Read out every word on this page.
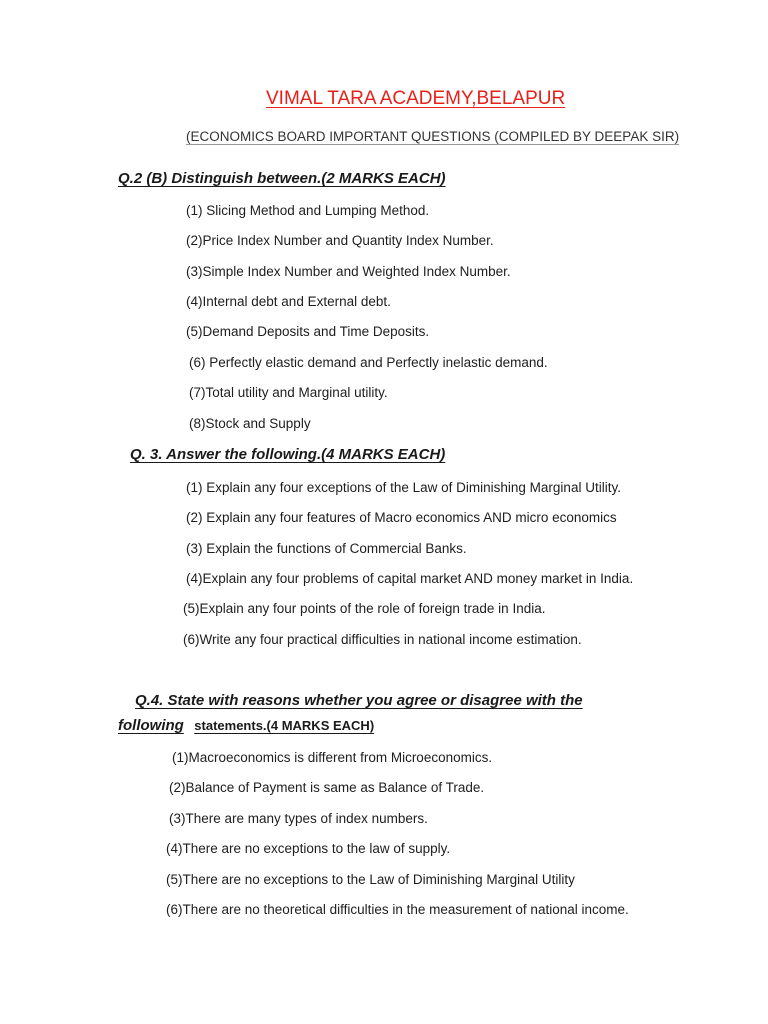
VIMAL TARA ACADEMY,BELAPUR
(ECONOMICS BOARD IMPORTANT QUESTIONS (COMPILED BY DEEPAK SIR)
Q.2 (B) Distinguish between.(2 MARKS EACH)
(1) Slicing Method and Lumping Method.
(2)Price Index Number and Quantity Index Number.
(3)Simple Index Number and Weighted Index Number.
(4)Internal debt and External debt.
(5)Demand Deposits and Time Deposits.
(6) Perfectly elastic demand and Perfectly inelastic demand.
(7)Total utility and Marginal utility.
(8)Stock and Supply
Q. 3. Answer the following.(4 MARKS EACH)
(1) Explain any four exceptions of the Law of Diminishing Marginal Utility.
(2) Explain any four features of Macro economics AND micro economics
(3) Explain the functions of Commercial Banks.
(4)Explain any four problems of capital market AND money market in India.
(5)Explain any four points of the role of foreign trade in India.
(6)Write any four practical difficulties in national income estimation.
Q.4. State with reasons whether you agree or disagree with the
following statements.(4 MARKS EACH)
(1)Macroeconomics is different from Microeconomics.
(2)Balance of Payment is same as Balance of Trade.
(3)There are many types of index numbers.
(4)There are no exceptions to the law of supply.
(5)There are no exceptions to the Law of Diminishing Marginal Utility
(6)There are no theoretical difficulties in the measurement of national income.
